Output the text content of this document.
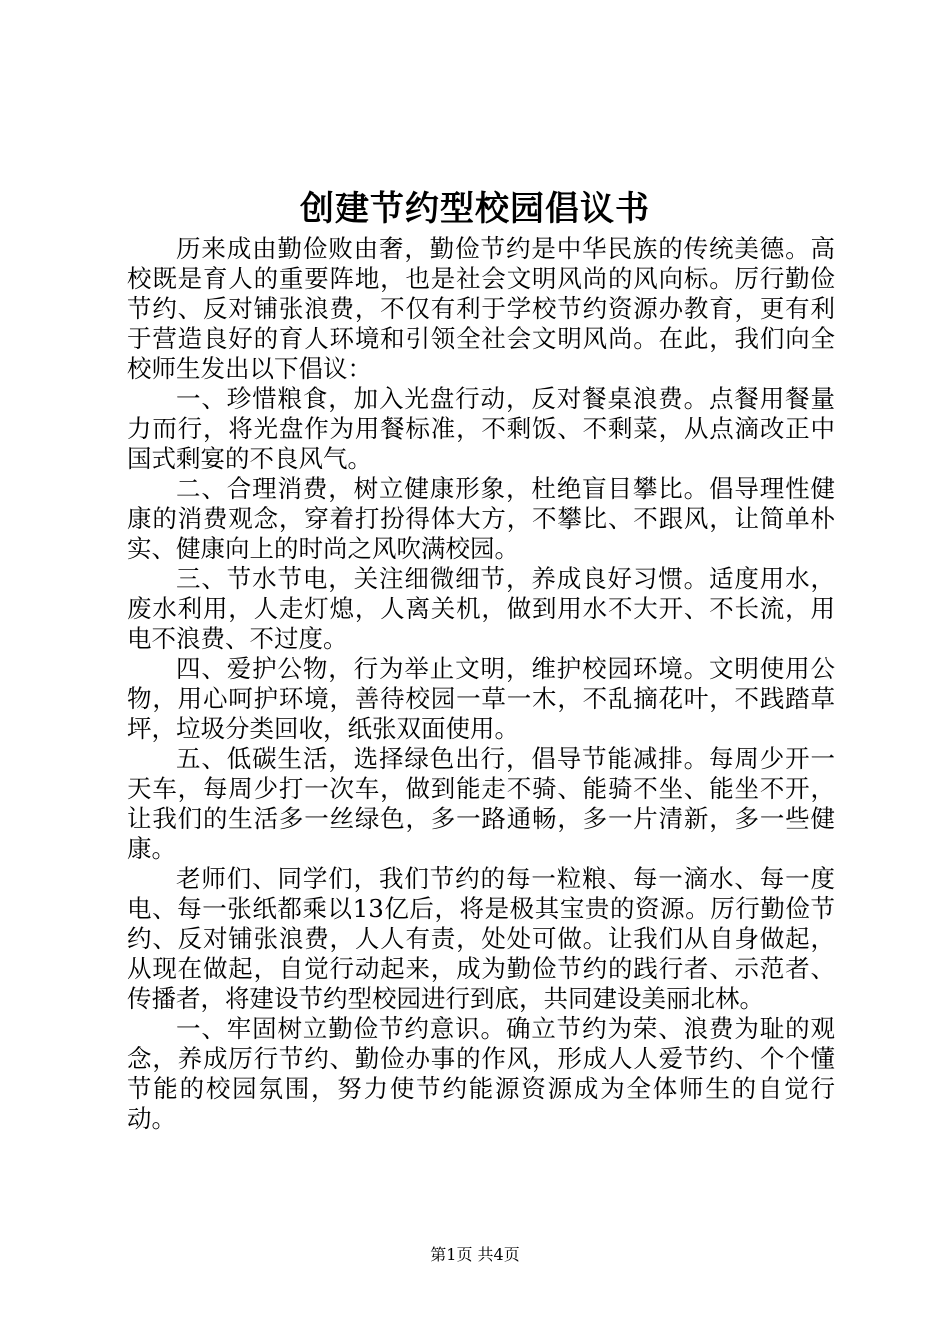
创建节约型校园倡议书

历来成由勤俭败由奢，勤俭节约是中华民族的传统美德。高校既是育人的重要阵地，也是社会文明风尚的风向标。厉行勤俭节约、反对铺张浪费，不仅有利于学校节约资源办教育，更有利于营造良好的育人环境和引领全社会文明风尚。在此，我们向全校师生发出以下倡议：

一、珍惜粮食，加入光盘行动，反对餐桌浪费。点餐用餐量力而行，将光盘作为用餐标准，不剩饭、不剩菜，从点滴改正中国式剩宴的不良风气。

二、合理消费，树立健康形象，杜绝盲目攀比。倡导理性健康的消费观念，穿着打扮得体大方，不攀比、不跟风，让简单朴实、健康向上的时尚之风吹满校园。

三、节水节电，关注细微细节，养成良好习惯。适度用水，废水利用，人走灯熄，人离关机，做到用水不大开、不长流，用电不浪费、不过度。

四、爱护公物，行为举止文明，维护校园环境。文明使用公物，用心呵护环境，善待校园一草一木，不乱摘花叶，不践踏草坪，垃圾分类回收，纸张双面使用。

五、低碳生活，选择绿色出行，倡导节能减排。每周少开一天车，每周少打一次车，做到能走不骑、能骑不坐、能坐不开，让我们的生活多一丝绿色，多一路通畅，多一片清新，多一些健康。

老师们、同学们，我们节约的每一粒粮、每一滴水、每一度电、每一张纸都乘以13亿后，将是极其宝贵的资源。厉行勤俭节约、反对铺张浪费，人人有责，处处可做。让我们从自身做起，从现在做起，自觉行动起来，成为勤俭节约的践行者、示范者、传播者，将建设节约型校园进行到底，共同建设美丽北林。

一、牢固树立勤俭节约意识。确立节约为荣、浪费为耻的观念，养成厉行节约、勤俭办事的作风，形成人人爱节约、个个懂节能的校园氛围，努力使节约能源资源成为全体师生的自觉行动。

第1页 共4页
